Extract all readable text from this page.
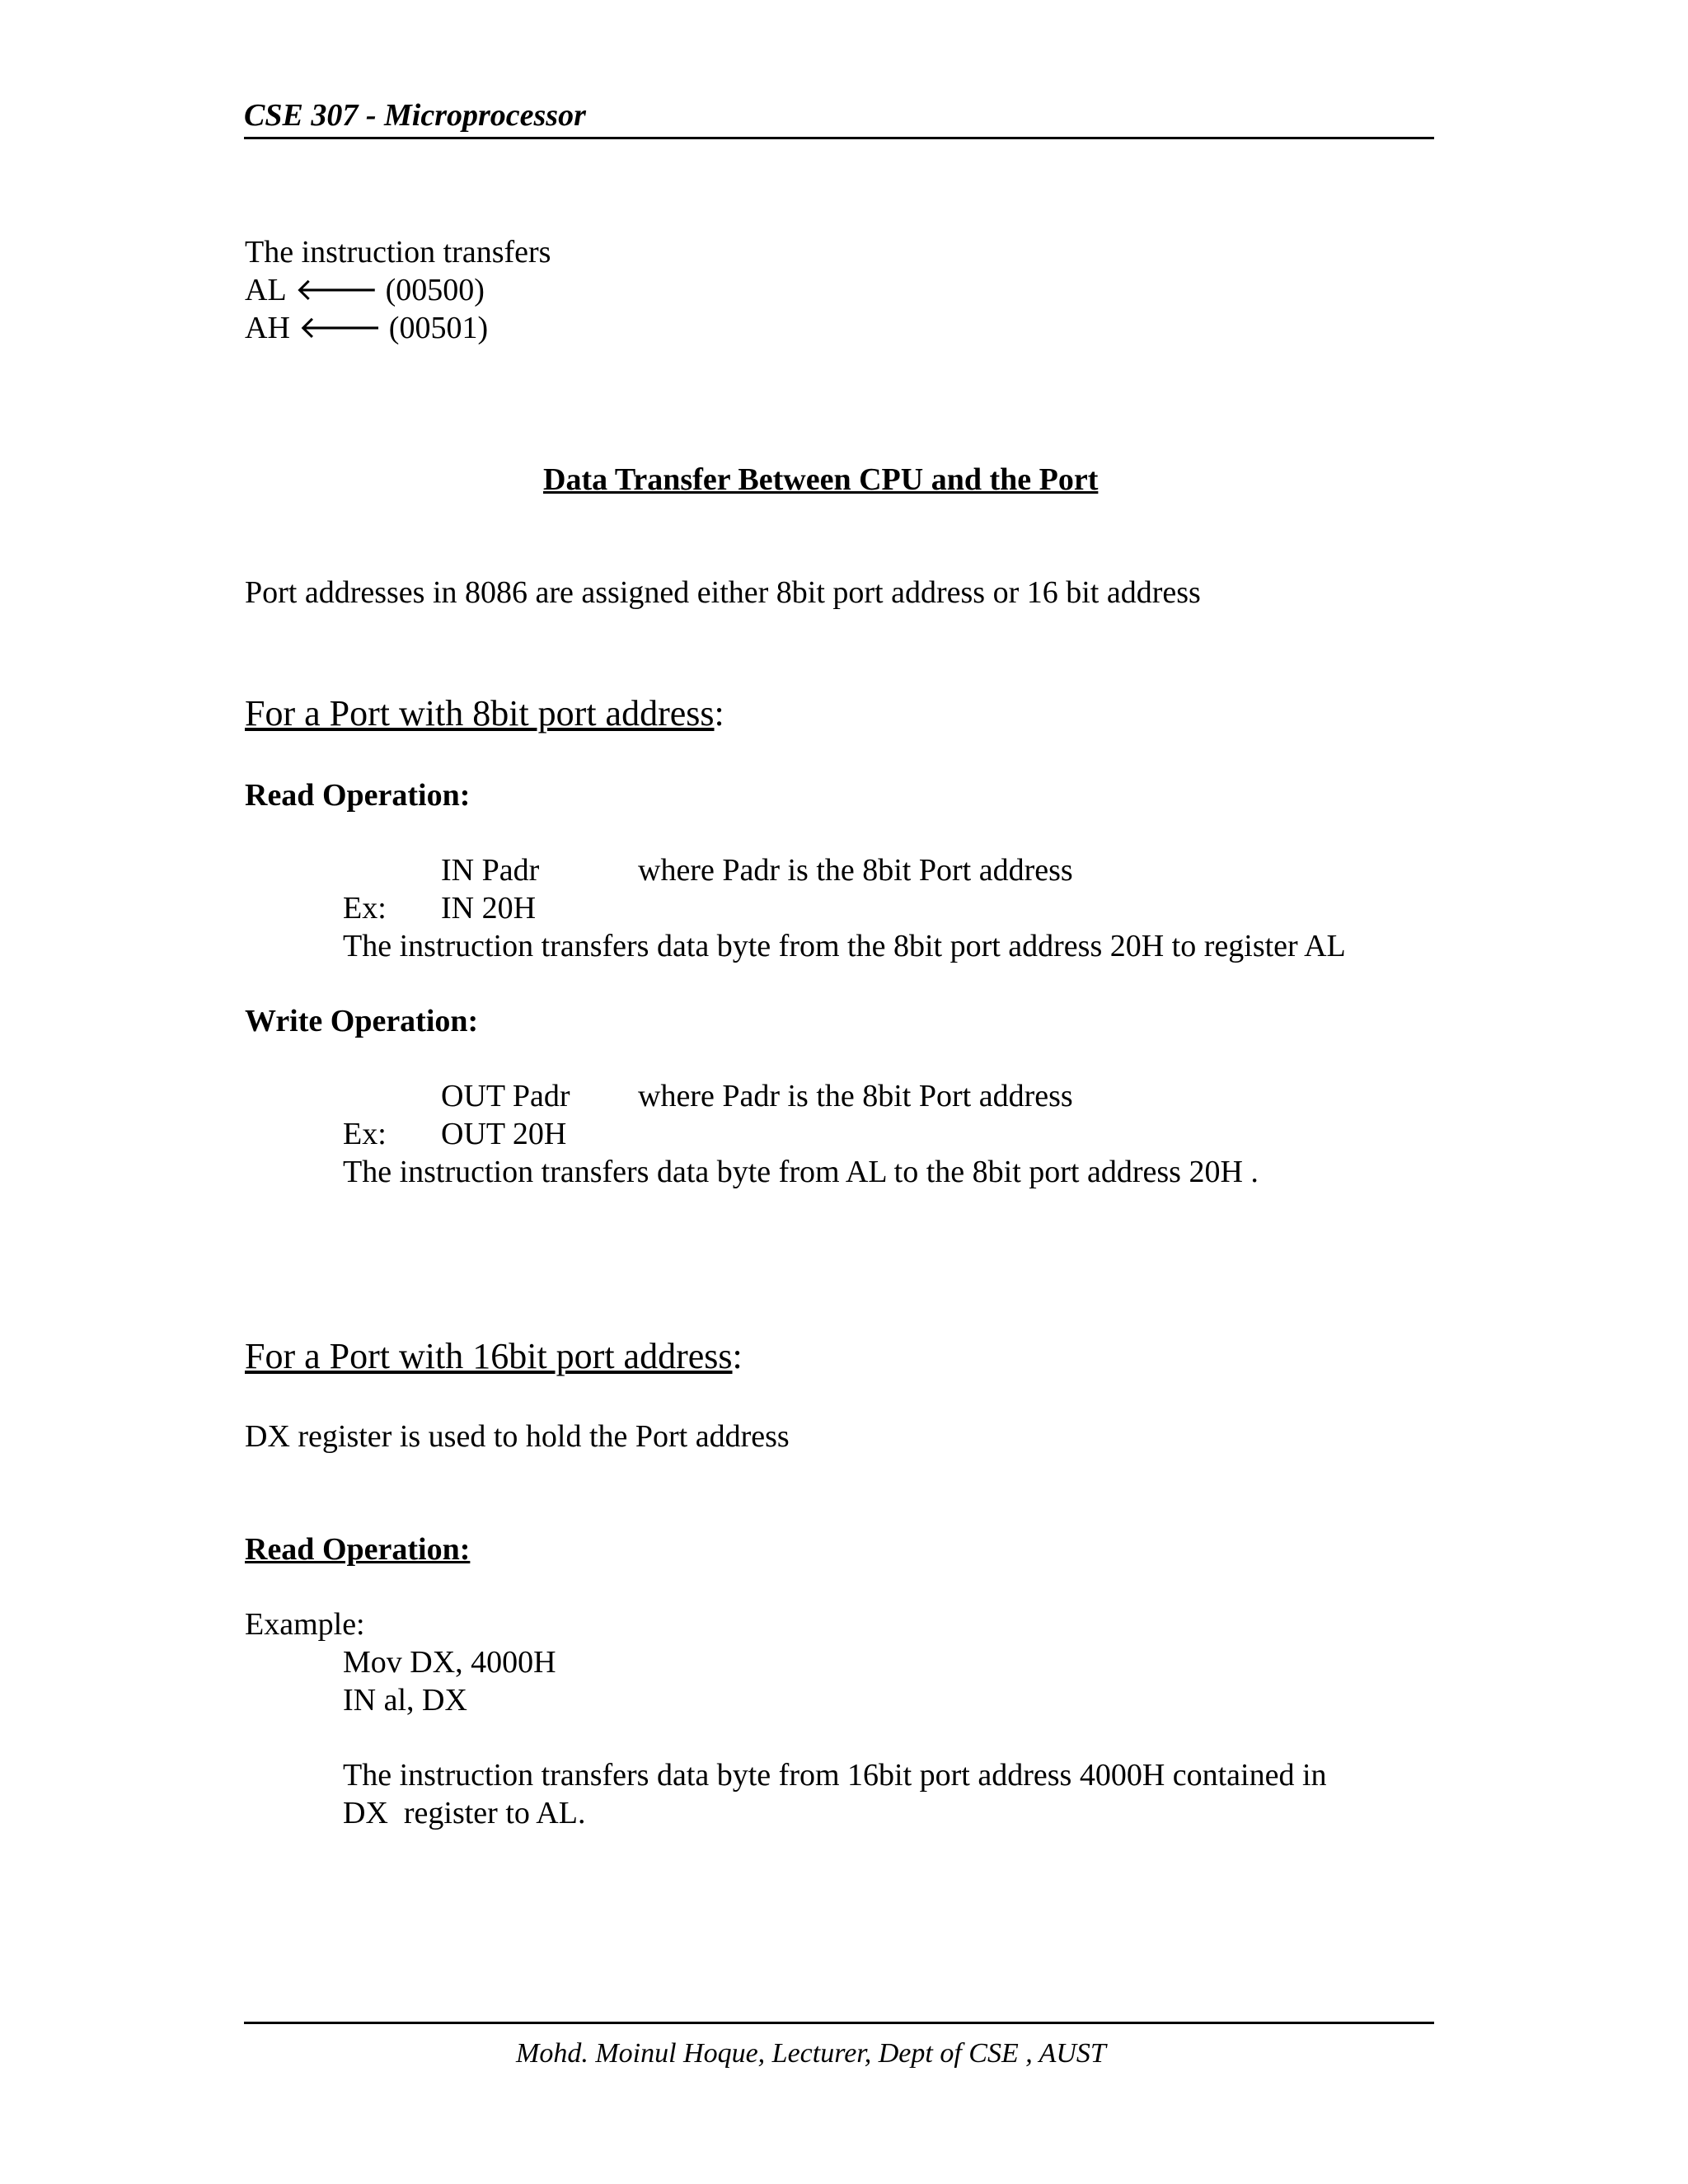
CSE 307 - Microprocessor
The instruction transfers
AL 🡐 (00500)
AH 🡐 (00501)
Data Transfer Between CPU and the Port
Port addresses in 8086 are assigned either 8bit port address or 16 bit address
For a Port with 8bit port address:
Read Operation:
IN Padr	where Padr is the 8bit Port address
Ex: IN 20H
The instruction transfers data byte from the 8bit port address 20H to register AL
Write Operation:
OUT Padr where Padr is the 8bit Port address
Ex: OUT 20H
The instruction transfers data byte from AL to the 8bit port address 20H .
For a Port with 16bit port address:
DX register is used to hold the Port address
Read Operation:
Example:
Mov DX, 4000H
IN al, DX
The instruction transfers data byte from 16bit port address 4000H contained in
DX  register to AL.
Mohd. Moinul Hoque, Lecturer, Dept of CSE , AUST
